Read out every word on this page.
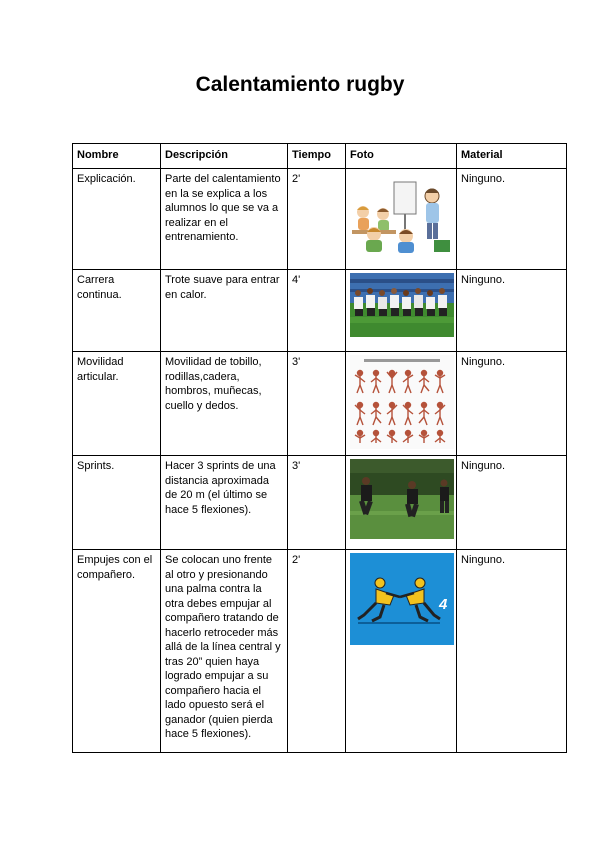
Calentamiento rugby
Nombre	Descripción	Tiempo	Foto	Material
Explicación.	Parte del calentamiento en la se explica a los alumnos lo que se va a realizar en el entrenamiento.	2'		Ninguno.
Carrera continua.	Trote suave para entrar en calor.	4'		Ninguno.
Movilidad articular.	Movilidad de tobillo, rodillas,cadera, hombros, muñecas, cuello y dedos.	3'		Ninguno.
Sprints.	Hacer 3 sprints de una distancia aproximada de 20 m (el último se hace 5 flexiones).	3'		Ninguno.
Empujes con el compañero.	Se colocan uno frente al otro y presionando una palma contra la otra debes empujar al compañero tratando de hacerlo retroceder más allá de la línea central y tras 20” quien haya logrado empujar a su compañero hacia el lado opuesto será el ganador (quien pierda hace 5 flexiones).	2'	4	Ninguno.
